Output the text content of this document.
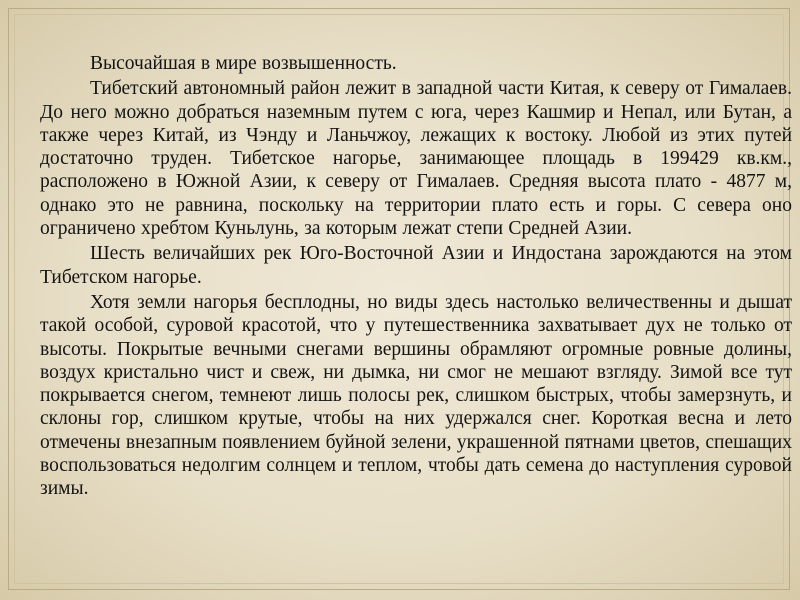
Высочайшая в мире возвышенность.

Тибетский автономный район лежит в западной части Китая, к северу от Гималаев. До него можно добраться наземным путем с юга, через Кашмир и Непал, или Бутан, а также через Китай, из Чэнду и Ланьчжоу, лежащих к востоку. Любой из этих путей достаточно труден. Тибетское нагорье, занимающее площадь в 199429 кв.км., расположено в Южной Азии, к северу от Гималаев. Средняя высота плато - 4877 м, однако это не равнина, поскольку на территории плато есть и горы. С севера оно ограничено хребтом Куньлунь, за которым лежат степи Средней Азии.

Шесть величайших рек Юго-Восточной Азии и Индостана зарождаются на этом Тибетском нагорье.

Хотя земли нагорья бесплодны, но виды здесь настолько величественны и дышат такой особой, суровой красотой, что у путешественника захватывает дух не только от высоты. Покрытые вечными снегами вершины обрамляют огромные ровные долины, воздух кристально чист и свеж, ни дымка, ни смог не мешают взгляду. Зимой все тут покрывается снегом, темнеют лишь полосы рек, слишком быстрых, чтобы замерзнуть, и склоны гор, слишком крутые, чтобы на них удержался снег. Короткая весна и лето отмечены внезапным появлением буйной зелени, украшенной пятнами цветов, спешащих воспользоваться недолгим солнцем и теплом, чтобы дать семена до наступления суровой зимы.
